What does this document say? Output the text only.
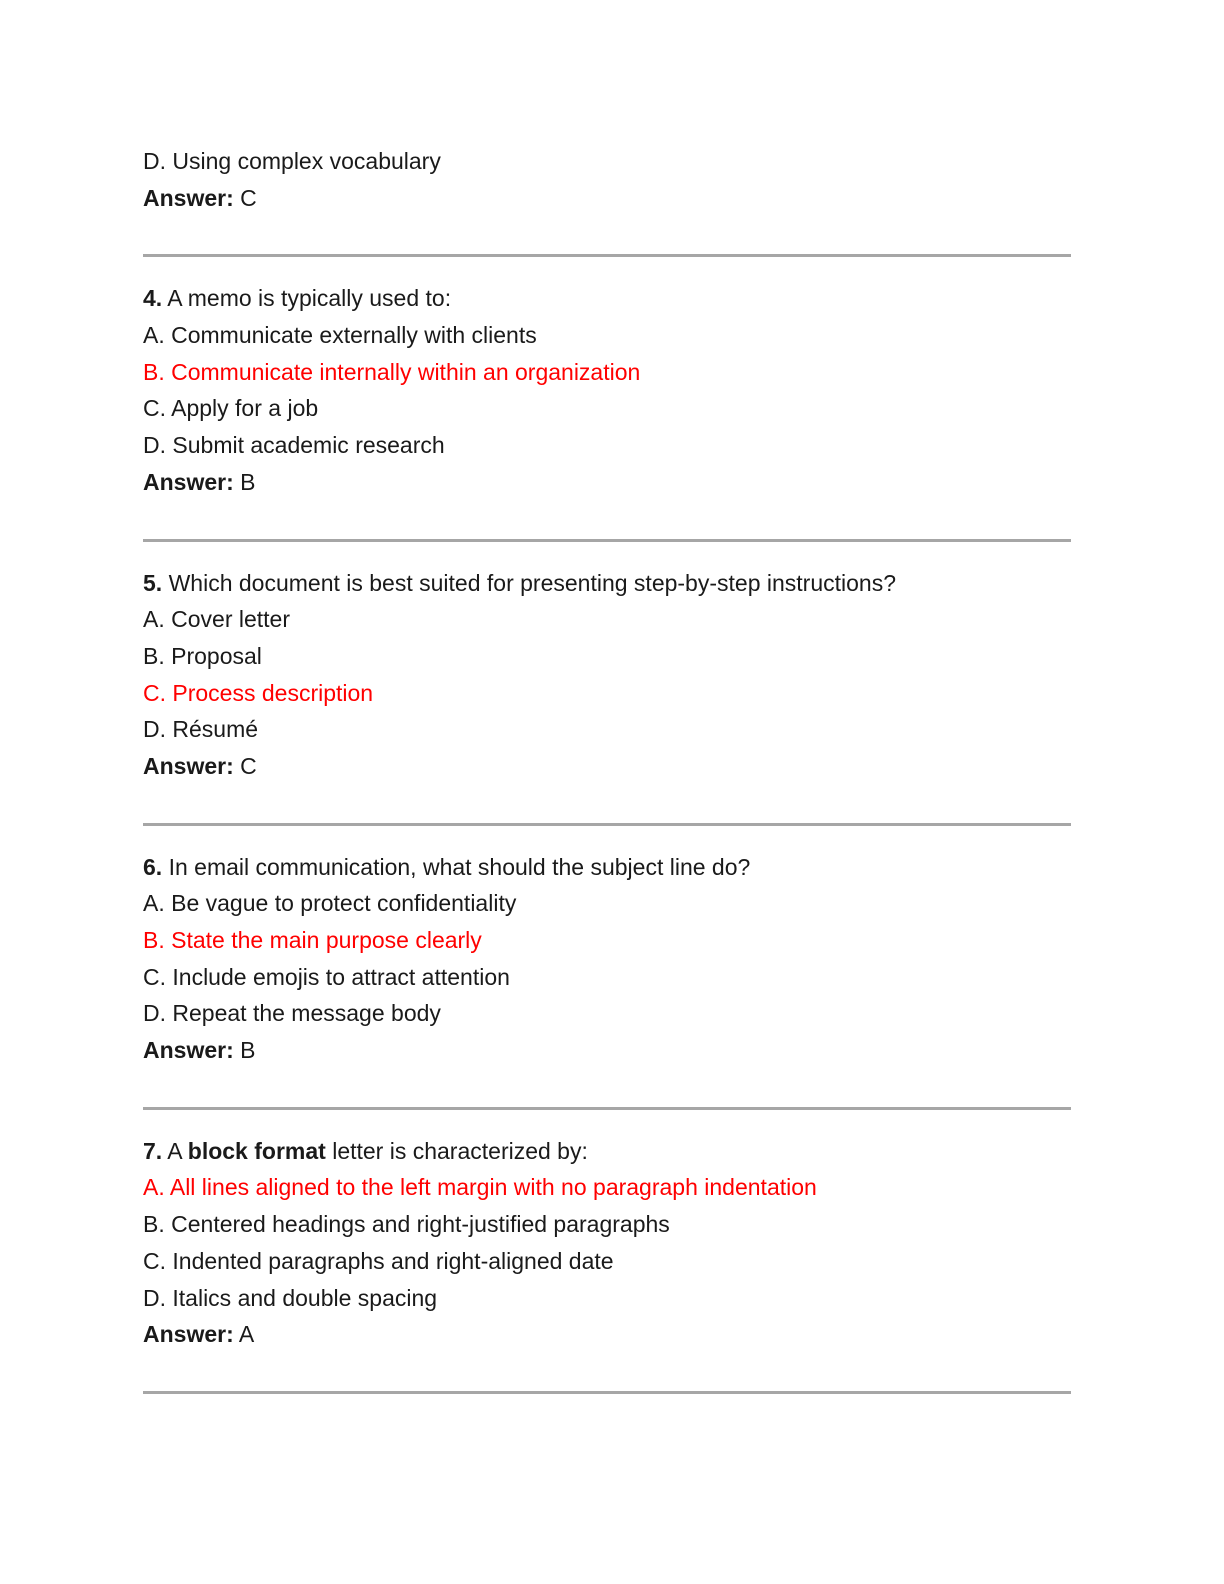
D. Using complex vocabulary
Answer: C
4. A memo is typically used to:
A. Communicate externally with clients
B. Communicate internally within an organization
C. Apply for a job
D. Submit academic research
Answer: B
5. Which document is best suited for presenting step-by-step instructions?
A. Cover letter
B. Proposal
C. Process description
D. Résumé
Answer: C
6. In email communication, what should the subject line do?
A. Be vague to protect confidentiality
B. State the main purpose clearly
C. Include emojis to attract attention
D. Repeat the message body
Answer: B
7. A block format letter is characterized by:
A. All lines aligned to the left margin with no paragraph indentation
B. Centered headings and right-justified paragraphs
C. Indented paragraphs and right-aligned date
D. Italics and double spacing
Answer: A
